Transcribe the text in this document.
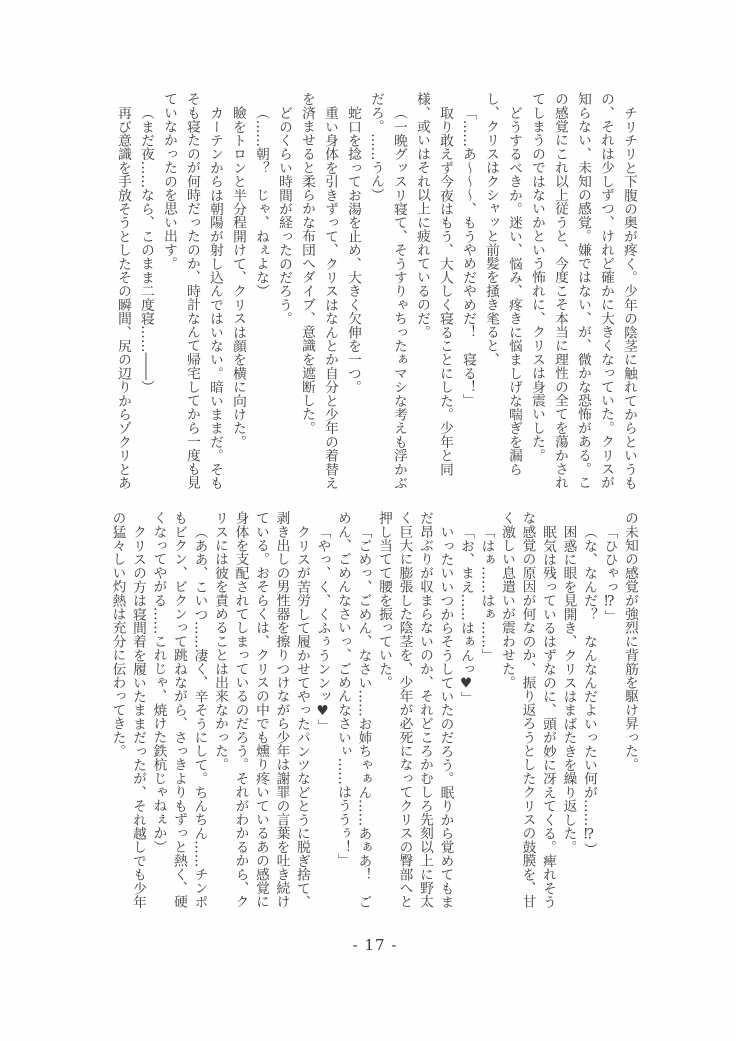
チリチリと下腹の奥が疼く。少年の陰茎に触れてからというもの、それは少しずつ、けれど確かに大きくなっていた。クリスが知らない、未知の感覚。嫌ではない、が、微かな恐怖がある。この感覚にこれ以上従うと、今度こそ本当に理性の全てを蕩かされてしまうのではないかという怖れに、クリスは身震いした。

どうするべきか。迷い、悩み、疼きに悩ましげな喘ぎを漏らし、クリスはクシャッと前髪を掻き毟ると、

「……あ〜〜〜、もうやめだやめだ！　寝る！」

取り敢えず今夜はもう、大人しく寝ることにした。少年と同様、或いはそれ以上に疲れているのだ。

（一晩グッスリ寝て、そうすりゃちったぁマシな考えも浮かぶだろ。……うん）

蛇口を捻ってお湯を止め、大きく欠伸を一つ。

重い身体を引きずって、クリスはなんとか自分と少年の着替えを済ませると柔らかな布団へダイブ、意識を遮断した。

どのくらい時間が経ったのだろう。

（……朝？　じゃ、ねぇよな）

瞼をトロンと半分程開けて、クリスは顔を横に向けた。

カーテンからは朝陽が射し込んではいない。暗いままだ。そもそも寝たのが何時だったのか、時計なんて帰宅してから一度も見ていなかったのを思い出す。

（まだ夜……なら、このまま二度寝……――）

再び意識を手放そうとしたその瞬間、尻の辺りからゾクリとあ

の未知の感覚が強烈に背筋を駆け昇った。

「ひひゃっ⁉」

（な、なんだ？　なんなんだよいったい何が……⁉）

困惑に眼を見開き、クリスはまばたきを繰り返した。

眠気は残っているはずなのに、頭が妙に冴えてくる。痺れそうな感覚の原因が何なのか、振り返ろうとしたクリスの鼓膜を、甘く激しい息遣いが震わせた。

「はぁ……はぁ……」

「お、まえ……はぁんっ♥」

いったいいつからそうしていたのだろう。眠りから覚めてもまだ昂ぶりが収まらないのか、それどころかむしろ先刻以上に野太く巨大に膨張した陰茎を、少年が必死になってクリスの臀部へと押し当てて腰を振っていた。

「ごめっ、ごめん、なさい……お姉ちゃぁん……あぁあ！　ごめん、ごめんなさいっ、ごめんなさいぃ……はううぅ！」

「やっ、く、くふぅうンンッ♥」

クリスが苦労して履かせてやったパンツなどとうに脱ぎ捨て、剥き出しの男性器を擦りつけながら少年は謝罪の言葉を吐き続けている。おそらくは、クリスの中でも燻り疼いているあの感覚に身体を支配されてしまっているのだろう。それがわかるから、クリスには彼を責めることは出来なかった。

（ああ、こいつ……凄く、辛そうにして。ちんちん……チンポもビクン、ビクンって跳ねながら、さっきよりもずっと熱く、硬くなってやがる……これじゃ、焼けた鉄杭じゃねぇか）

クリスの方は寝間着を履いたままだったが、それ越しでも少年の猛々しい灼熱は充分に伝わってきた。

- 17 -
